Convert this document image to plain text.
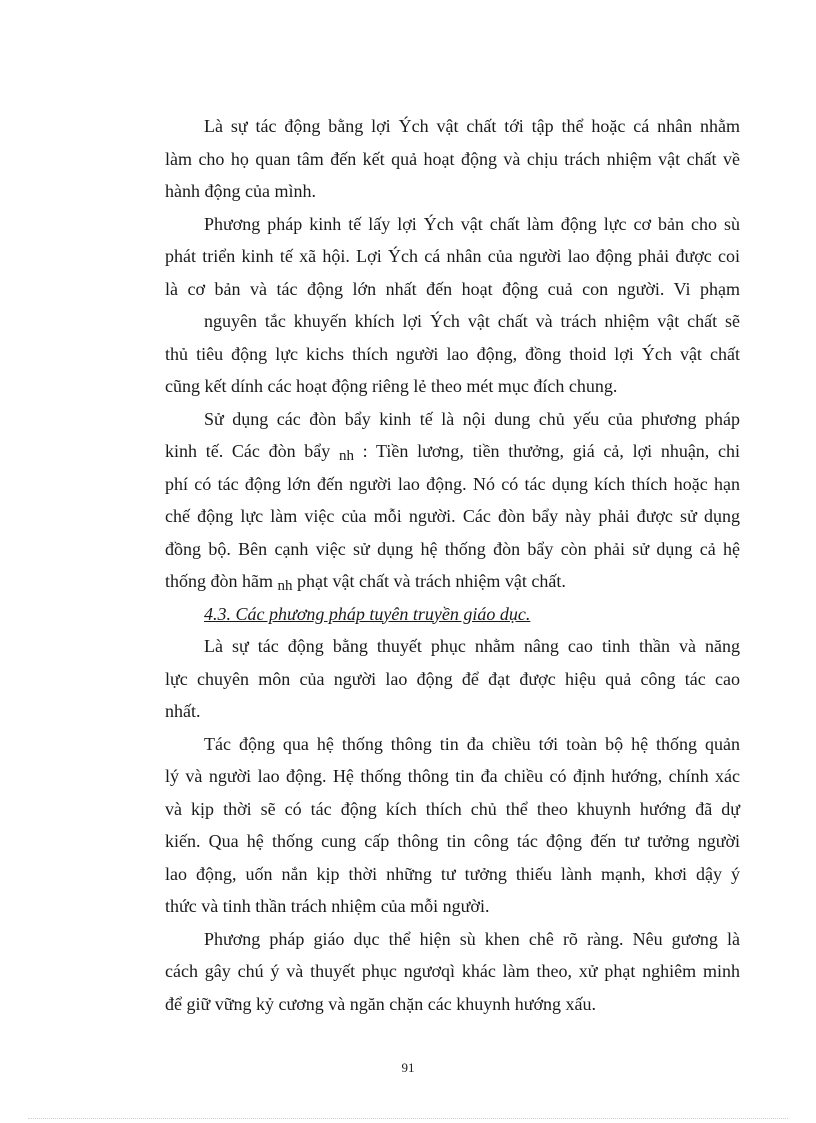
Là sự tác động bằng lợi Ých vật chất tới tập thể hoặc cá nhân nhằm
làm cho họ quan tâm đến kết quả hoạt động và chịu trách nhiệm vật chất về
hành động của mình.
Phương pháp kinh tế lấy lợi Ých vật chất làm động lực cơ bản cho sù
phát triển kinh tế xã hội. Lợi Ých cá nhân của người lao động phải được coi
là cơ bản và tác động lớn nhất đến hoạt động cuả con người. Vi phạm
nguyên tắc khuyến khích lợi Ých vật chất và trách nhiệm vật chất sẽ
thủ tiêu động lực kichs thích người lao động, đồng thoid lợi Ých vật chất
cũng kết dính các hoạt động riêng lẻ theo mét mục đích chung.
Sử dụng các đòn bẩy kinh tế là nội dung chủ yếu của phương pháp
kinh tế. Các đòn bẩy nh : Tiền lương, tiền thưởng, giá cả, lợi nhuận, chi
phí có tác động lớn đến người lao động. Nó có tác dụng kích thích hoặc hạn
chế động lực làm việc của mỗi người. Các đòn bẩy này phải được sử dụng
đồng bộ. Bên cạnh việc sử dụng hệ thống đòn bẩy còn phải sử dụng cả hệ
thống đòn hãm nh phạt vật chất và trách nhiệm vật chất.
4.3. Các phương pháp tuyên truyền giáo dục.
Là sự tác động bằng thuyết phục nhằm nâng cao tinh thần và năng
lực chuyên môn của người lao động để đạt được hiệu quả công tác cao
nhất.
Tác động qua hệ thống thông tin đa chiều tới toàn bộ hệ thống quản
lý và người lao động. Hệ thống thông tin đa chiều có định hướng, chính xác
và kịp thời sẽ có tác động kích thích chủ thể theo khuynh hướng đã dự
kiến. Qua hệ thống cung cấp thông tin công tác động đến tư tưởng người
lao động, uốn nắn kịp thời những tư tưởng thiếu lành mạnh, khơi dậy ý
thức và tinh thần trách nhiệm của mỗi người.
Phương pháp giáo dục thể hiện sù khen chê rõ ràng. Nêu gương là
cách gây chú ý và thuyết phục ngươqì khác làm theo, xử phạt nghiêm minh
để giữ vững kỷ cương và ngăn chặn các khuynh hướng xấu.
91
